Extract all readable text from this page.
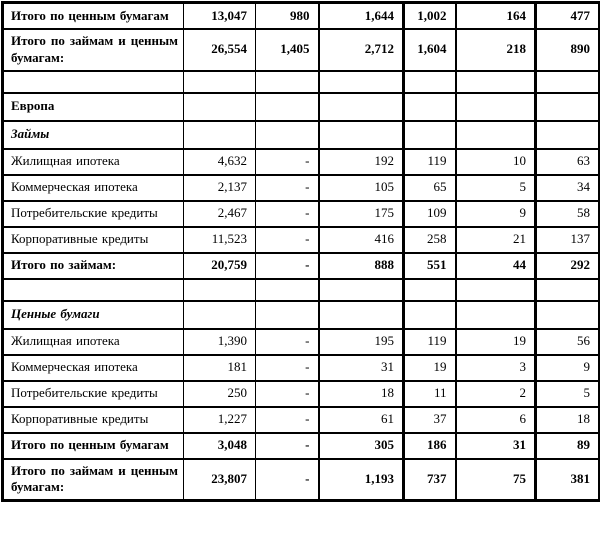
Итого по ценным бумагам	13,047	980	1,644	1,002	164	477
Итого по займам и ценным бумагам:	26,554	1,405	2,712	1,604	218	890

Европа						
Займы						
Жилищная ипотека	4,632	-	192	119	10	63
Коммерческая ипотека	2,137	-	105	65	5	34
Потребительские кредиты	2,467	-	175	109	9	58
Корпоративные кредиты	11,523	-	416	258	21	137
Итого по займам:	20,759	-	888	551	44	292

Ценные бумаги						
Жилищная ипотека	1,390	-	195	119	19	56
Коммерческая ипотека	181	-	31	19	3	9
Потребительские кредиты	250	-	18	11	2	5
Корпоративные кредиты	1,227	-	61	37	6	18
Итого по ценным бумагам	3,048	-	305	186	31	89
Итого по займам и ценным бумагам:	23,807	-	1,193	737	75	381
